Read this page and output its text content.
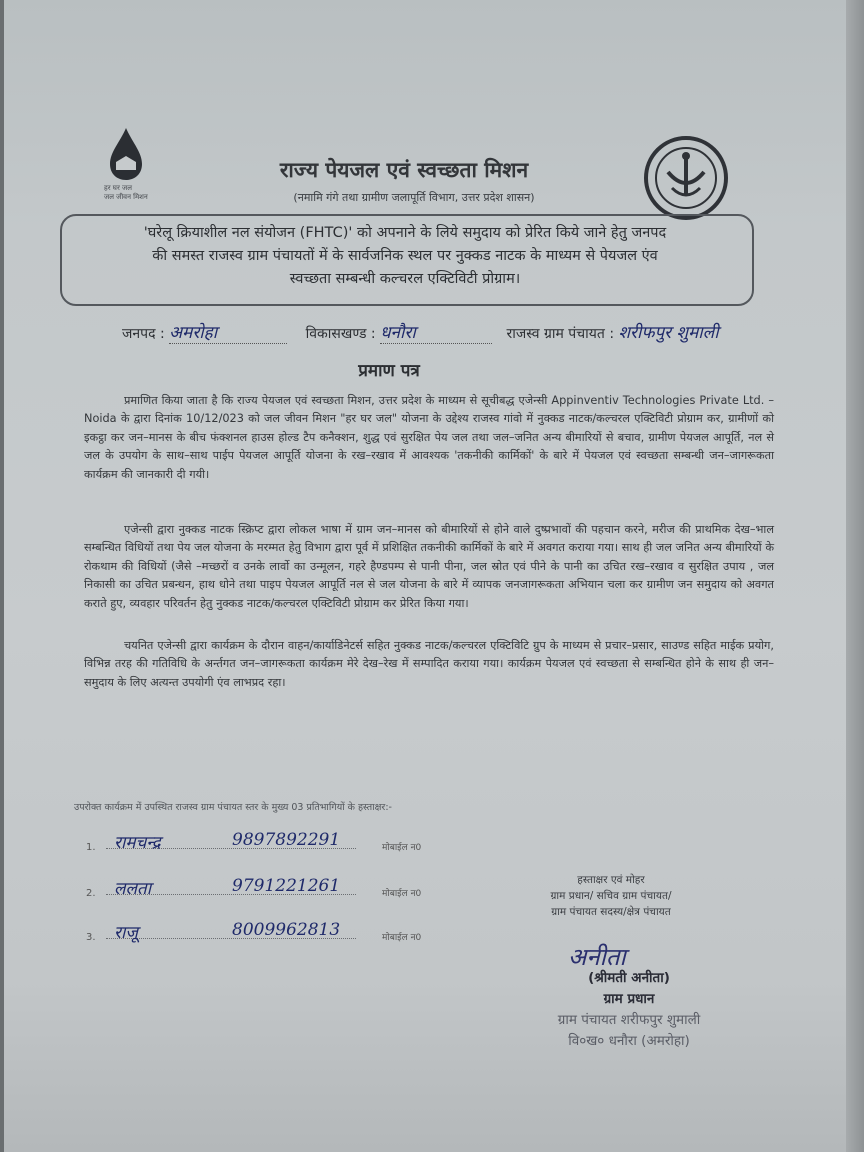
हर घर जल
जल जीवन मिशन
राज्य पेयजल एवं स्वच्छता मिशन
(नमामि गंगे तथा ग्रामीण जलापूर्ति विभाग, उत्तर प्रदेश शासन)
'घरेलू क्रियाशील नल संयोजन (FHTC)' को अपनाने के लिये समुदाय को प्रेरित किये जाने हेतु जनपद
की समस्त राजस्व ग्राम पंचायतों में के सार्वजनिक स्थल पर नुक्कड नाटक के माध्यम से पेयजल एंव
स्वच्छता सम्बन्धी कल्चरल एक्टिविटी प्रोग्राम।
जनपद : अमरोहा	विकासखण्ड : धनौरा	राजस्व ग्राम पंचायत : शरीफपुर शुमाली
प्रमाण पत्र
प्रमाणित किया जाता है कि राज्य पेयजल एवं स्वच्छता मिशन, उत्तर प्रदेश के माध्यम से सूचीबद्ध एजेन्सी Appinventiv Technologies Private Ltd. – Noida के द्वारा दिनांक 10/12/023 को जल जीवन मिशन "हर घर जल" योजना के उद्देश्य राजस्व गांवो में नुक्कड नाटक/कल्चरल एक्टिविटी प्रोग्राम कर, ग्रामीणों को इकट्ठा कर जन–मानस के बीच फंक्शनल हाउस होल्ड टैप कनैक्शन, शुद्ध एवं सुरक्षित पेय जल तथा जल–जनित अन्य बीमारियों से बचाव, ग्रामीण पेयजल आपूर्ति, नल से जल के उपयोग के साथ–साथ पाईप पेयजल आपूर्ति योजना के रख–रखाव में आवश्यक 'तकनीकी कार्मिकों' के बारे में पेयजल एवं स्वच्छता सम्बन्धी जन–जागरूकता कार्यक्रम की जानकारी दी गयी।
एजेन्सी द्वारा नुक्कड नाटक स्क्रिप्ट द्वारा लोकल भाषा में ग्राम जन–मानस को बीमारियों से होने वाले दुष्प्रभावों की पहचान करने, मरीज की प्राथमिक देख–भाल सम्बन्धित विधियों तथा पेय जल योजना के मरम्मत हेतु विभाग द्वारा पूर्व में प्रशिक्षित तकनीकी कार्मिकों के बारे में अवगत कराया गया। साथ ही जल जनित अन्य बीमारियों के रोकथाम की विधियों (जैसे –मच्छरों व उनके लार्वो का उन्मूलन, गहरे हैण्डपम्प से पानी पीना, जल स्रोत एवं पीने के पानी का उचित रख–रखाव व सुरक्षित उपाय , जल निकासी का उचित प्रबन्धन, हाथ धोने तथा पाइप पेयजल आपूर्ति नल से जल योजना के बारे में व्यापक जनजागरूकता अभियान चला कर ग्रामीण जन समुदाय को अवगत कराते हुए, व्यवहार परिवर्तन हेतु नुक्कड नाटक/कल्चरल एक्टिविटी प्रोग्राम कर प्रेरित किया गया।
चयनित एजेन्सी द्वारा कार्यक्रम के दौरान वाहन/कार्याडिनेटर्स सहित नुक्कड नाटक/कल्चरल एक्टिविटि ग्रुप के माध्यम से प्रचार–प्रसार, साउण्ड सहित माईक प्रयोग, विभिन्न तरह की गतिविधि के अर्न्तगत जन–जागरूकता कार्यक्रम मेरे देख–रेख में सम्पादित कराया गया। कार्यक्रम पेयजल एवं स्वच्छता से सम्बन्धित होने के साथ ही जन–समुदाय के लिए अत्यन्त उपयोगी एंव लाभप्रद रहा।
उपरोक्त कार्यक्रम में उपस्थित राजस्व ग्राम पंचायत स्तर के मुख्य 03 प्रतिभागियों के हस्ताक्षर:-
1. रामचन्द्र	9897892291	मोबाईल न0
2. ललता	9791221261	मोबाईल न0
3. राजू	8009962813	मोबाईल न0
हस्ताक्षर एवं मोहर
ग्राम प्रधान/ सचिव ग्राम पंचायत/
ग्राम पंचायत सदस्य/क्षेत्र पंचायत
अनीता
(श्रीमती अनीता)
ग्राम प्रधान
ग्राम पंचायत शरीफपुर शुमाली
वि०ख० धनौरा (अमरोहा)
